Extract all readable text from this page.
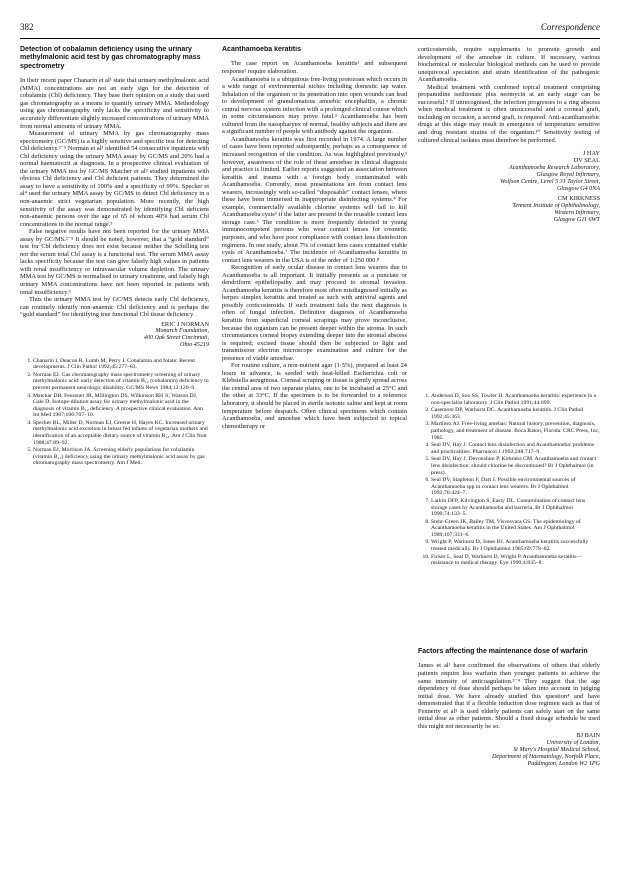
382	Correspondence
Detection of cobalamin deficiency using the urinary methylmalonic acid test by gas chromatography mass spectrometry

In their recent paper Chanarin et al¹ state that urinary methylmalonic acid (MMA) concentrations are not an early sign for the detection of cobalamin (Cbl) deficiency. They base their opinion on a study that used gas chromatography as a means to quantify urinary MMA. Methodology using gas chromatography only lacks the specificity and sensitivity to accurately differentiate slightly increased concentrations of urinary MMA from normal amounts of urinary MMA.

Measurement of urinary MMA by gas chromatography mass spectrometry (GC/MS) is a highly sensitive and specific test for detecting Cbl deficiency.²⁻⁵ Norman et al³ identified 54 consecutive inpatients with Cbl deficiency using the urinary MMA assay by GC/MS and 20% had a normal haematocrit at diagnosis. In a prospective clinical evaluation of the urinary MMA test by GC/MS Matcher et al³ studied inpatients with obvious Cbl deficiency and Cbl deficient patients. They determined the assay to have a sensitivity of 100% and a specificity of 99%. Specker et al⁴ used the urinary MMA assay by GC/MS to detect Cbl deficiency in a non-anaemic strict vegetarian population. More recently, the high sensitivity of the assay was demonstrated by identifying Cbl deficient non-anaemic persons over the age of 65 of whom 40% had serum Cbl concentrations in the normal range.⁵

False negative results have not been reported for the urinary MMA assay by GC/MS.²⁻⁵ It should be noted, however, that a “gold standard” test for Cbl deficiency does not exist because neither the Schilling test nor the serum total Cbl assay is a functional test. The serum MMA assay lacks specificity because the test can give falsely high values in patients with renal insufficiency or intravascular volume depletion. The urinary MMA test by GC/MS is normalised to urinary creatinine, and falsely high urinary MMA concentrations have not been reported in patients with renal insufficiency.⁵

Thus the urinary MMA test by GC/MS detects early Cbl deficiency, can routinely identify non-anaemic Cbl deficiency and is perhaps the “gold standard” for identifying true functional Cbl tissue deficiency.

ERIC J NORMAN
Monarch Foundation,
400 Oak Street Cincinnati,
Ohio 45219
1. Chanarin I, Deacon R, Lumb M, Perry J. Cobalamin and folate: Recent developments. J Clin Pathol 1992;45:277–83.
2. Norman EJ. Gas chromatography mass spectrometry screening of urinary methylmalonic acid: early detection of vitamin B₁₂ (cobalamin) deficiency to prevent permanent neurologic disability. GC/MS News 1984;12:120–9.
3. Matchar DB, Feussner JR, Millington DS, Wilkinson RH Jr, Watson DJ, Gale D. Isotope-dilution assay for urinary methylmalonic acid in the diagnosis of vitamin B₁₂ deficiency. A prospective clinical evaluation. Ann Int Med 1987;106:707–10.
4. Specker BL, Miller D, Norman EJ, Greene H, Hayes KC. Increased urinary methylmalonic acid excretion in breast fed infants of vegetarian mothers and identification of an acceptable dietary source of vitamin B₁₂. Am J Clin Nutr 1988;47:89–92.
5. Norman EJ, Morrison JA. Screening elderly populations for cobalamin (vitamin B₁₂) deficiency using the urinary methylmalonic acid assay by gas chromatography mass spectrometry. Am J Med.
Acanthamoeba keratitis

The case report on Acanthamoeba keratitis¹ and subsequent response² require elaboration.

Acanthamoeba is a ubiquitous free-living protozoan which occurs in a wide range of environmental niches including domestic tap water. Inhalation of the organism or its penetration into open wounds can lead to development of granulomatous amoebic encephalitis, a chronic central nervous system infection with a prolonged clinical course which in some circumstances may prove fatal.³ Acanthamoeba has been cultured from the nasopharynx of normal, healthy subjects and there are a significant number of people with antibody against the organism.

Acanthamoeba keratitis was first recorded in 1974. A large number of cases have been reported subsequently, perhaps as a consequence of increased recognition of the condition. As was highlighted previously,¹ however, awareness of the role of these amoebae in clinical diagnosis and practice is limited. Earlier reports suggested an association between keratitis and trauma with a foreign body contaminated with Acanthamoeba. Currently, most presentations are from contact lens wearers, increasingly with so-called “disposable” contact lenses, where these have been immersed in inappropriate disinfecting systems.⁴ For example, commercially available chlorine systems will fail to kill Acanthamoeba cysts⁵ if the latter are present in the reusable contact lens storage case.⁶ The condition is more frequently detected in young immunocompetent persons who wear contact lenses for cosmetic purposes, and who have poor compliance with contact lens disinfection regimens. In one study, about 7% of contact lens cases contained viable cysts of Acanthamoeba.⁷ The incidence of Acanthamoeba keratitis in contact lens wearers in the USA is of the order of 1:250 000.⁸

Recognition of early ocular disease in contact lens wearers due to Acanthamoeba is all important. It initially presents as a punctate or dendriform epitheliopathy and may proceed to stromal invasion. Acanthamoeba keratitis is therefore most often misdiagnosed initially as herpes simplex keratitis and treated as such with antiviral agents and possibly corticosteroids. If such treatment fails the next diagnosis is often of fungal infection. Definitive diagnosis of Acanthamoeba keratitis from superficial corneal scrapings may prove inconclusive, because the organism can be present deeper within the stroma. In such circumstances corneal biopsy extending deeper into the stromal abscess is required; excised tissue should then be subjected to light and transmission electron microscope examination and culture for the presence of viable amoebae.

For routine culture, a non-nutrient agar (1·5%), prepared at least 24 hours in advance, is seeded with heat-killed Escherichia coli or Klebsiella aeruginosa. Corneal scraping or tissue is gently spread across the central area of two separate plates, one to be incubated at 25°C and the other at 33°C. If the specimen is to be forwarded to a reference laboratory, it should be placed in sterile isotonic saline and kept at room temperature before despatch. Often clinical specimens which contain Acanthamoeba, and amoebae which have been subjected to topical chemotherapy or

corticosteroids, require supplements to promote growth and development of the amoebae in culture. If necessary, various biochemical or molecular biological methods can be used to provide unequivocal speciation and strain identification of the pathogenic Acanthamoeba.

Medical treatment with combined topical treatment comprising propamidine isethionate plus neomycin at an early stage can be successful.⁹ If unrecognised, the infection progresses to a ring abscess when medical treatment is often unsuccessful and a corneal graft, including on occasion, a second graft, is required. Anti-acanthamoebic drugs at this stage may result in emergence of temperature sensitive and drug resistant strains of the organism.¹⁰ Sensitivity testing of cultured clinical isolates must therefore be performed.

J HAY
DV SEAL
Acanthamoeba Research Laboratory,
Glasgow Royal Infirmary,
Wolfson Centre, Level 5 31 Taylor Street,
Glasgow G4 0NA
CM KIRKNESS
Tennent Institute of Ophthalmology,
Western Infirmary,
Glasgow G11 6WT
1. Anderson D, Soo SS, Towler H. Acanthamoeba keratitis: experience in a non-specialist laboratory. J Clin Pathol 1991;44:699.
2. Casemore DP, Warhurst DC. Acanthamoeba keratitis. J Clin Pathol 1992;45:363.
3. Martinez AJ. Free-living amebas: Natural history, prevention, diagnosis, pathology, and treatment of disease. Boca Raton, Florida: CRC Press, Inc, 1985.
4. Seal DV, Hay J. Contact lens disinfection and Acanthamoeba: problems and practicalities. Pharmacol J 1992;248:717–9.
5. Seal DV, Hay J, Devonshire P, Kirkness CM. Acanthamoeba and contact lens disinfection: should chlorine be discontinued? Br J Ophthalmol (in press).
6. Seal DV, Stapleton F, Dart J. Possible environmental sources of Acanthamoeba spp in contact lens wearers. Br J Ophthalmol 1992;76:424–7.
7. Larkin DFP, Kilvington S, Easty DL. Contamination of contact lens storage cases by Acanthamoeba and bacteria. Br J Ophthalmol 1990;74:133–5.
8. Stehr-Green JK, Bailey TM, Visvesvara GS. The epidemiology of Acanthamoeba keratitis in the United States. Am J Ophthalmol 1989;107:331–6.
9. Wright P, Warhurst D, Jones BJ. Acanthamoeba keratitis successfully treated medically. Br J Ophthalmol 1985;69:778–82.
10. Ficker L, Seal D, Warhurst D, Wright P. Acanthamoeba keratitis—resistance to medical therapy. Eye 1990;4:835–8.
Factors affecting the maintenance dose of warfarin

James et al¹ have confirmed the observations of others that elderly patients require less warfarin than younger patients to achieve the same intensity of anticoagulation.²⁻⁴ They suggest that the age dependency of dose should perhaps be taken into account in judging initial dose. We have already studied this question⁴ and have demonstrated that if a flexible induction dose regimen such as that of Fennerty et al⁵ is used elderly patients can safely start on the same initial dose as other patients. Should a fixed dosage schedule be used this might not necessarily be so.

BJ BAIN
University of London,
St Mary's Hospital Medical School,
Department of Haematology, Norfolk Place,
Paddington, London W2 1PG
